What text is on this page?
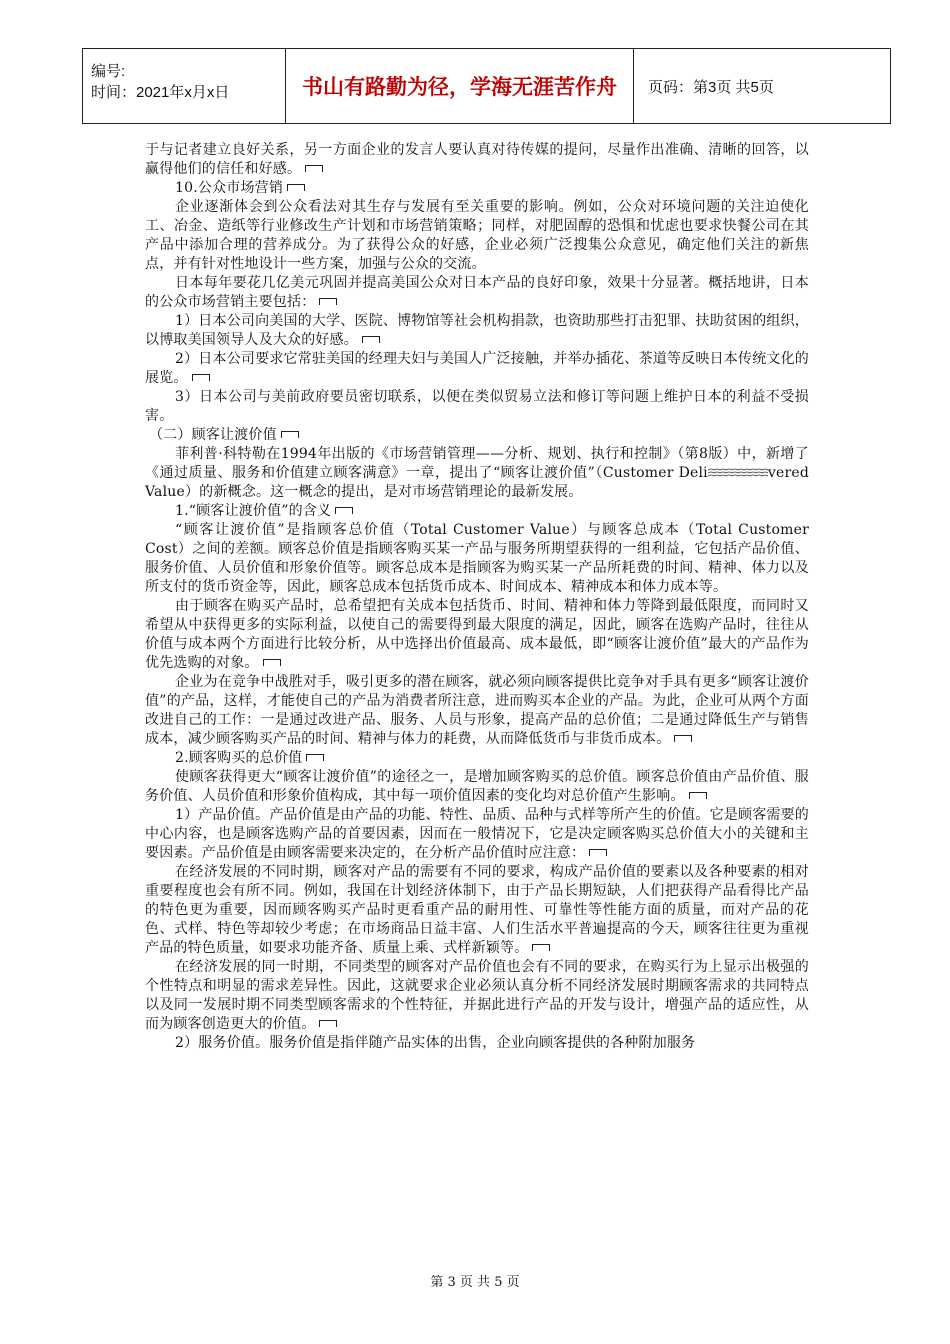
编号:
时间：2021年x月x日	书山有路勤为径，学海无涯苦作舟	页码：第3页 共5页

于与记者建立良好关系，另一方面企业的发言人要认真对待传媒的提问，尽量作出准确、清晰的回答，以赢得他们的信任和好感。

10.公众市场营销

企业逐渐体会到公众看法对其生存与发展有至关重要的影响。例如，公众对环境问题的关注迫使化工、冶金、造纸等行业修改生产计划和市场营销策略；同样，对肥固醇的恐惧和忧虑也要求快餐公司在其产品中添加合理的营养成分。为了获得公众的好感，企业必须广泛搜集公众意见，确定他们关注的新焦点，并有针对性地设计一些方案，加强与公众的交流。

日本每年要花几亿美元巩固并提高美国公众对日本产品的良好印象，效果十分显著。概括地讲，日本的公众市场营销主要包括：

1）日本公司向美国的大学、医院、博物馆等社会机构捐款，也资助那些打击犯罪、扶助贫困的组织，以博取美国领导人及大众的好感。

2）日本公司要求它常驻美国的经理夫妇与美国人广泛接触，并举办插花、茶道等反映日本传统文化的展览。

3）日本公司与美前政府要员密切联系，以便在类似贸易立法和修订等问题上维护日本的利益不受损害。

（二）顾客让渡价值

菲利普·科特勒在1994年出版的《市场营销管理——分析、规划、执行和控制》（第8版）中，新增了《通过质量、服务和价值建立顾客满意》一章，提出了“顾客让渡价值”（Customer Deli	vered Value）的新概念。这一概念的提出，是对市场营销理论的最新发展。

1.“顾客让渡价值”的含义

“顾客让渡价值”是指顾客总价值（Total Customer Value）与顾客总成本（Total Customer Cost）之间的差额。顾客总价值是指顾客购买某一产品与服务所期望获得的一组利益，它包括产品价值、服务价值、人员价值和形象价值等。顾客总成本是指顾客为购买某一产品所耗费的时间、精神、体力以及所支付的货币资金等，因此，顾客总成本包括货币成本、时间成本、精神成本和体力成本等。

由于顾客在购买产品时，总希望把有关成本包括货币、时间、精神和体力等降到最低限度，而同时又希望从中获得更多的实际利益，以使自己的需要得到最大限度的满足，因此，顾客在选购产品时，往往从价值与成本两个方面进行比较分析，从中选择出价值最高、成本最低，即“顾客让渡价值”最大的产品作为优先选购的对象。

企业为在竞争中战胜对手，吸引更多的潜在顾客，就必须向顾客提供比竞争对手具有更多“顾客让渡价值”的产品，这样，才能使自己的产品为消费者所注意，进而购买本企业的产品。为此，企业可从两个方面改进自己的工作：一是通过改进产品、服务、人员与形象，提高产品的总价值；二是通过降低生产与销售成本，减少顾客购买产品的时间、精神与体力的耗费，从而降低货币与非货币成本。

2.顾客购买的总价值

使顾客获得更大“顾客让渡价值”的途径之一，是增加顾客购买的总价值。顾客总价值由产品价值、服务价值、人员价值和形象价值构成，其中每一项价值因素的变化均对总价值产生影响。

1）产品价值。产品价值是由产品的功能、特性、品质、品种与式样等所产生的价值。它是顾客需要的中心内容，也是顾客选购产品的首要因素，因而在一般情况下，它是决定顾客购买总价值大小的关键和主要因素。产品价值是由顾客需要来决定的，在分析产品价值时应注意：

在经济发展的不同时期，顾客对产品的需要有不同的要求，构成产品价值的要素以及各种要素的相对重要程度也会有所不同。例如，我国在计划经济体制下，由于产品长期短缺，人们把获得产品看得比产品的特色更为重要，因而顾客购买产品时更看重产品的耐用性、可靠性等性能方面的质量，而对产品的花色、式样、特色等却较少考虑；在市场商品日益丰富、人们生活水平普遍提高的今天，顾客往往更为重视产品的特色质量，如要求功能齐备、质量上乘、式样新颖等。

在经济发展的同一时期，不同类型的顾客对产品价值也会有不同的要求，在购买行为上显示出极强的个性特点和明显的需求差异性。因此，这就要求企业必须认真分析不同经济发展时期顾客需求的共同特点以及同一发展时期不同类型顾客需求的个性特征，并据此进行产品的开发与设计，增强产品的适应性，从而为顾客创造更大的价值。

2）服务价值。服务价值是指伴随产品实体的出售，企业向顾客提供的各种附加服务

第 3 页 共 5 页
